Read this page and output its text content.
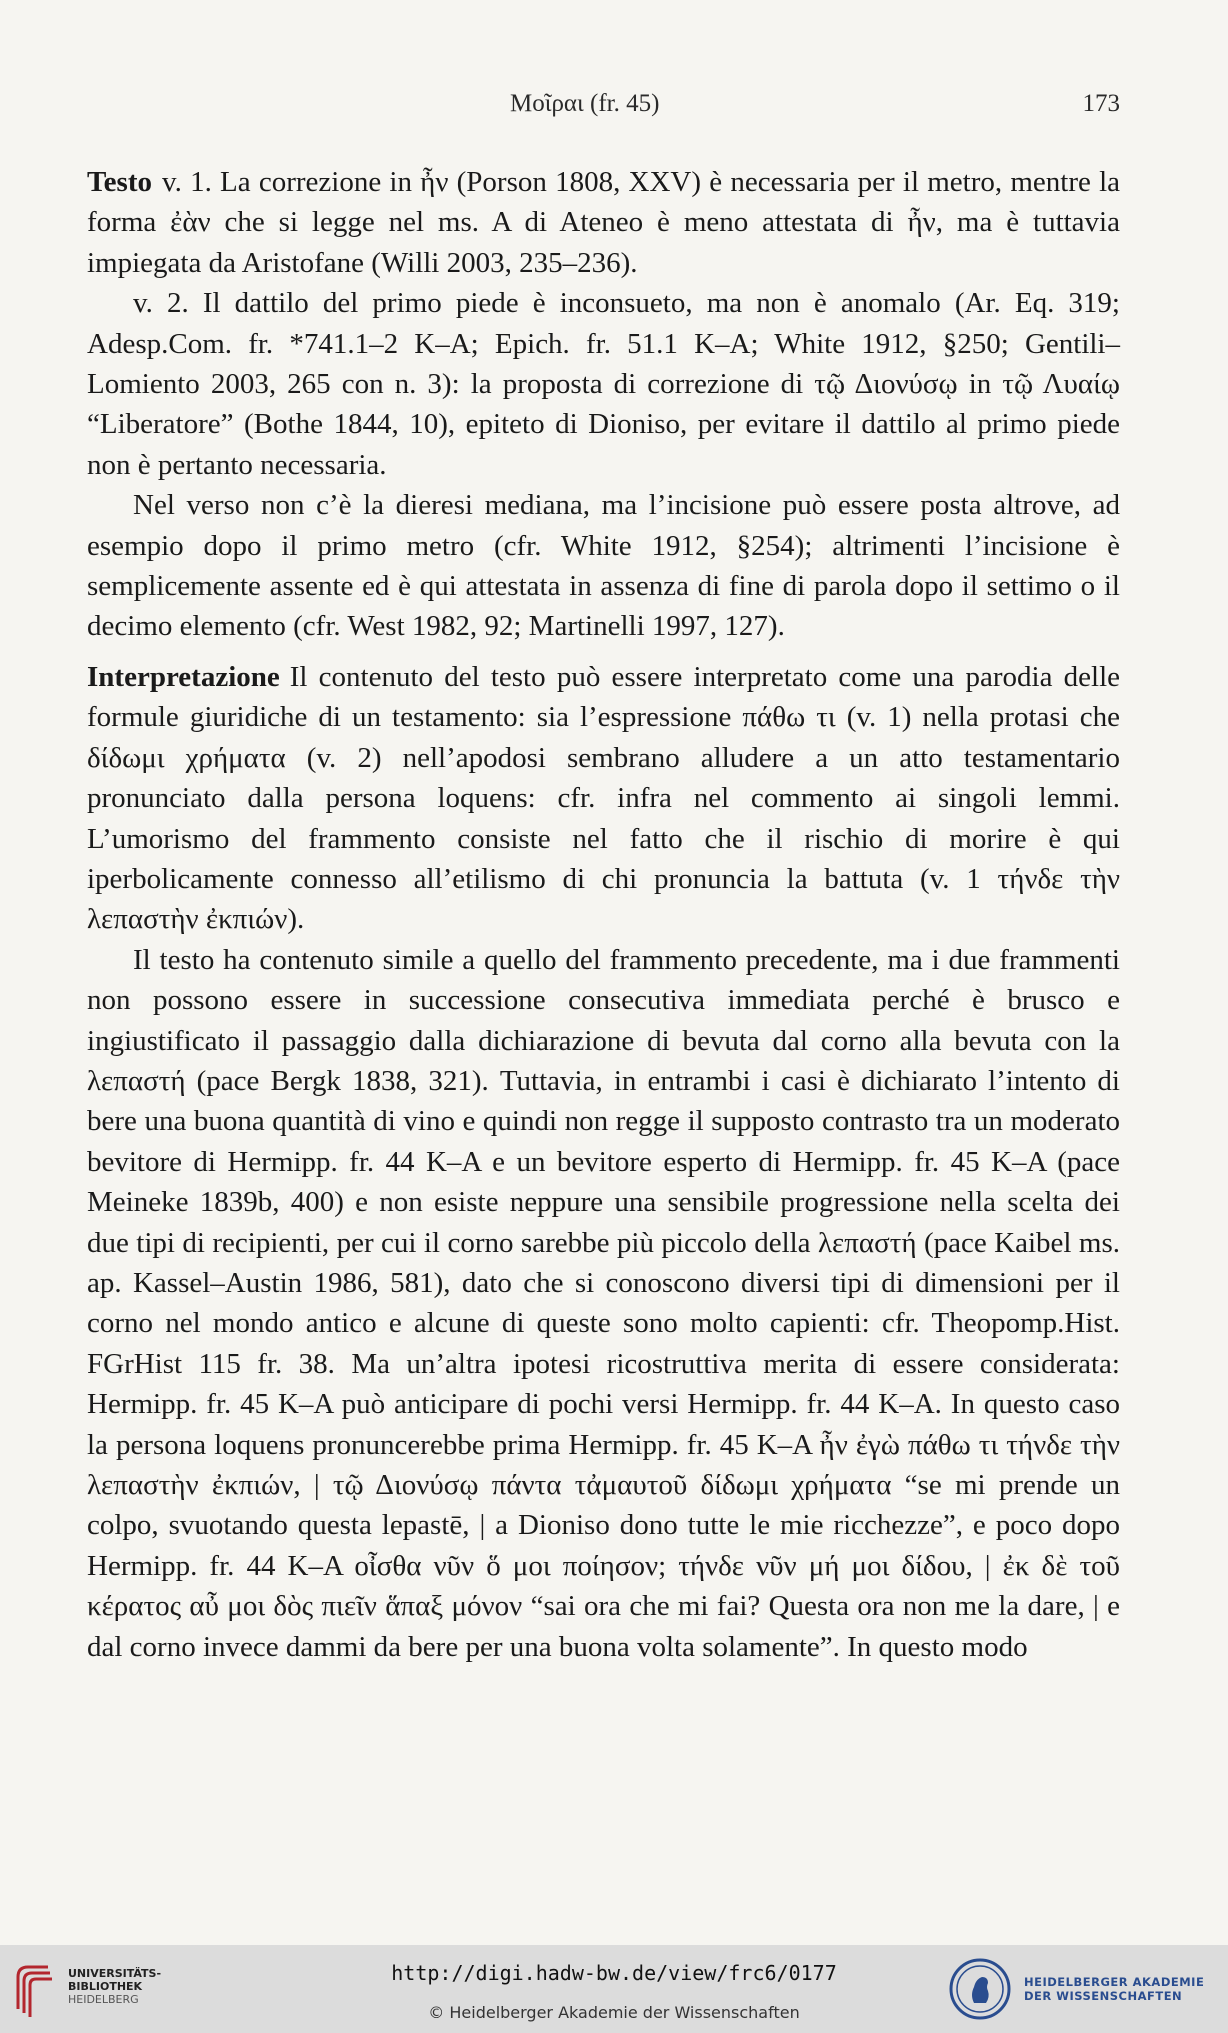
Μοῖραι (fr. 45)	173

Testo v. 1. La correzione in ἦν (Porson 1808, XXV) è necessaria per il metro, mentre la forma ἐὰν che si legge nel ms. A di Ateneo è meno attestata di ἦν, ma è tuttavia impiegata da Aristofane (Willi 2003, 235–236).

v. 2. Il dattilo del primo piede è inconsueto, ma non è anomalo (Ar. Eq. 319; Adesp.Com. fr. *741.1–2 K–A; Epich. fr. 51.1 K–A; White 1912, §250; Gentili–Lomiento 2003, 265 con n. 3): la proposta di correzione di τῷ Διονύσῳ in τῷ Λυαίῳ “Liberatore” (Bothe 1844, 10), epiteto di Dioniso, per evitare il dattilo al primo piede non è pertanto necessaria.

Nel verso non c’è la dieresi mediana, ma l’incisione può essere posta altrove, ad esempio dopo il primo metro (cfr. White 1912, §254); altrimenti l’incisione è semplicemente assente ed è qui attestata in assenza di fine di parola dopo il settimo o il decimo elemento (cfr. West 1982, 92; Martinelli 1997, 127).

Interpretazione Il contenuto del testo può essere interpretato come una parodia delle formule giuridiche di un testamento: sia l’espressione πάθω τι (v. 1) nella protasi che δίδωμι χρήματα (v. 2) nell’apodosi sembrano alludere a un atto testamentario pronunciato dalla persona loquens: cfr. infra nel commento ai singoli lemmi. L’umorismo del frammento consiste nel fatto che il rischio di morire è qui iperbolicamente connesso all’etilismo di chi pronuncia la battuta (v. 1 τήνδε τὴν λεπαστὴν ἐκπιών).

Il testo ha contenuto simile a quello del frammento precedente, ma i due frammenti non possono essere in successione consecutiva immediata perché è brusco e ingiustificato il passaggio dalla dichiarazione di bevuta dal corno alla bevuta con la λεπαστή (pace Bergk 1838, 321). Tuttavia, in entrambi i casi è dichiarato l’intento di bere una buona quantità di vino e quindi non regge il supposto contrasto tra un moderato bevitore di Hermipp. fr. 44 K–A e un bevitore esperto di Hermipp. fr. 45 K–A (pace Meineke 1839b, 400) e non esiste neppure una sensibile progressione nella scelta dei due tipi di recipienti, per cui il corno sarebbe più piccolo della λεπαστή (pace Kaibel ms. ap. Kassel–Austin 1986, 581), dato che si conoscono diversi tipi di dimensioni per il corno nel mondo antico e alcune di queste sono molto capienti: cfr. Theopomp.Hist. FGrHist 115 fr. 38. Ma un’altra ipotesi ricostruttiva merita di essere considerata: Hermipp. fr. 45 K–A può anticipare di pochi versi Hermipp. fr. 44 K–A. In questo caso la persona loquens pronuncerebbe prima Hermipp. fr. 45 K–A ἦν ἐγὼ πάθω τι τήνδε τὴν λεπαστὴν ἐκπιών, | τῷ Διονύσῳ πάντα τἀμαυτοῦ δίδωμι χρήματα “se mi prende un colpo, svuotando questa lepastē, | a Dioniso dono tutte le mie ricchezze”, e poco dopo Hermipp. fr. 44 K–A οἶσθα νῦν ὅ μοι ποίησον; τήνδε νῦν μή μοι δίδου, | ἐκ δὲ τοῦ κέρατος αὖ μοι δὸς πιεῖν ἅπαξ μόνον “sai ora che mi fai? Questa ora non me la dare, | e dal corno invece dammi da bere per una buona volta solamente”. In questo modo

UNIVERSITÄTS-
BIBLIOTHEK
HEIDELBERG
http://digi.hadw-bw.de/view/frc6/0177
© Heidelberger Akademie der Wissenschaften
HEIDELBERGER AKADEMIE
DER WISSENSCHAFTEN
